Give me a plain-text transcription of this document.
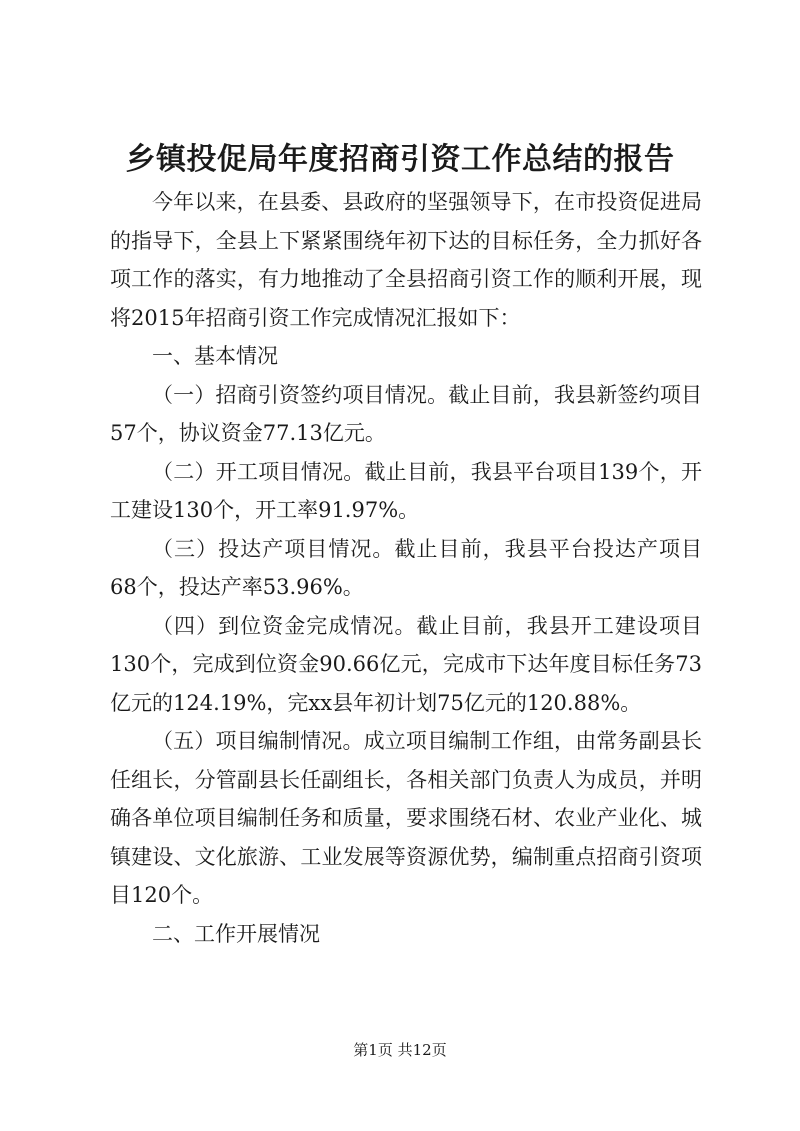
乡镇投促局年度招商引资工作总结的报告

今年以来，在县委、县政府的坚强领导下，在市投资促进局的指导下，全县上下紧紧围绕年初下达的目标任务，全力抓好各项工作的落实，有力地推动了全县招商引资工作的顺利开展，现将2015年招商引资工作完成情况汇报如下：

一、基本情况

（一）招商引资签约项目情况。截止目前，我县新签约项目57个，协议资金77.13亿元。

（二）开工项目情况。截止目前，我县平台项目139个，开工建设130个，开工率91.97%。

（三）投达产项目情况。截止目前，我县平台投达产项目68个，投达产率53.96%。

（四）到位资金完成情况。截止目前，我县开工建设项目130个，完成到位资金90.66亿元，完成市下达年度目标任务73亿元的124.19%，完xx县年初计划75亿元的120.88%。

（五）项目编制情况。成立项目编制工作组，由常务副县长任组长，分管副县长任副组长，各相关部门负责人为成员，并明确各单位项目编制任务和质量，要求围绕石材、农业产业化、城镇建设、文化旅游、工业发展等资源优势，编制重点招商引资项目120个。

二、工作开展情况

第1页 共12页
